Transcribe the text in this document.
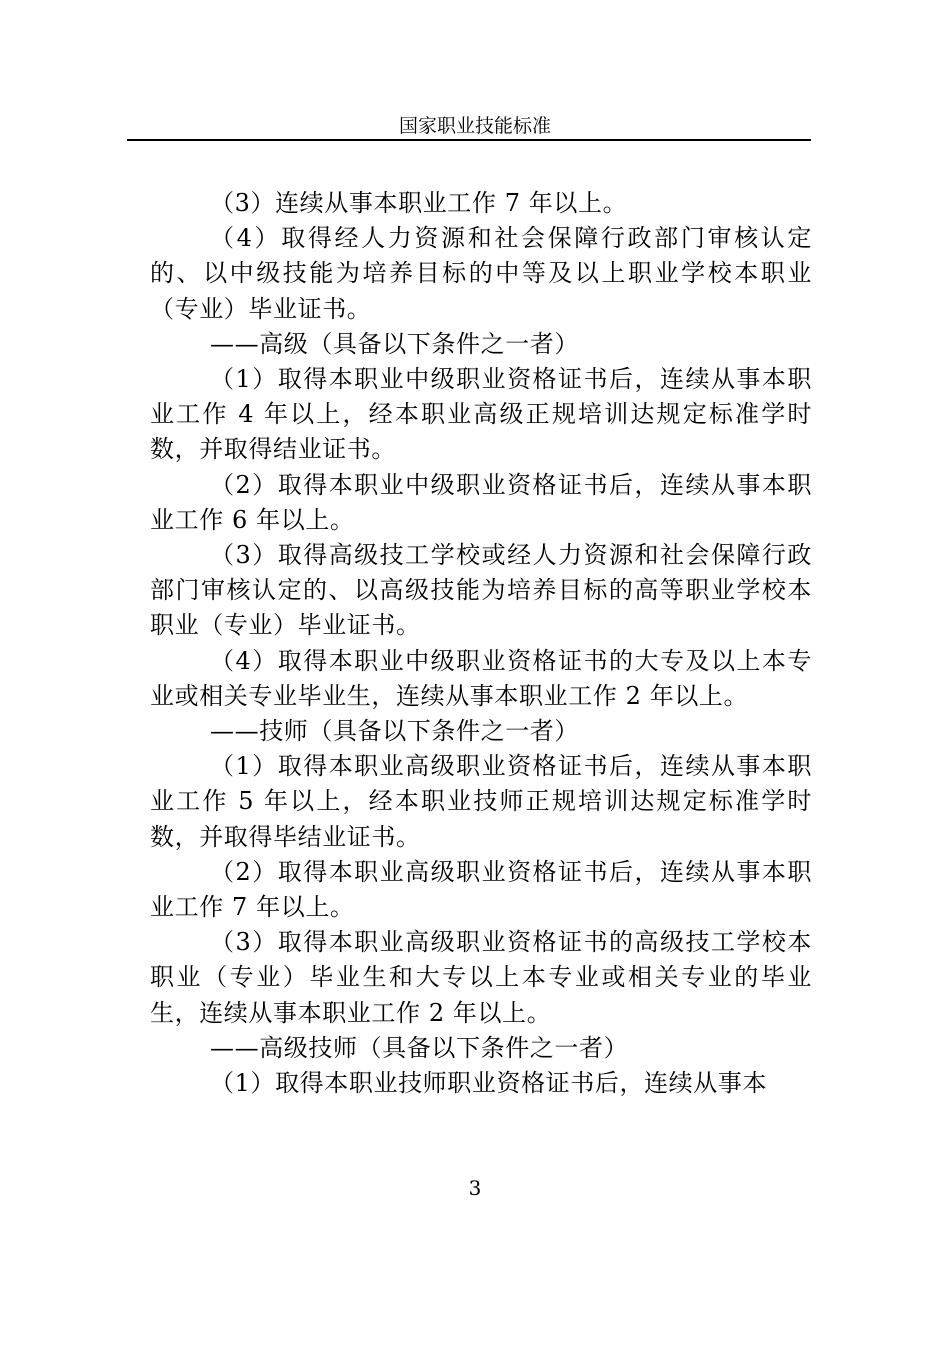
国家职业技能标准

（3）连续从事本职业工作 7 年以上。

（4）取得经人力资源和社会保障行政部门审核认定的、以中级技能为培养目标的中等及以上职业学校本职业（专业）毕业证书。

——高级（具备以下条件之一者）

（1）取得本职业中级职业资格证书后，连续从事本职业工作 4 年以上，经本职业高级正规培训达规定标准学时数，并取得结业证书。

（2）取得本职业中级职业资格证书后，连续从事本职业工作 6 年以上。

（3）取得高级技工学校或经人力资源和社会保障行政部门审核认定的、以高级技能为培养目标的高等职业学校本职业（专业）毕业证书。

（4）取得本职业中级职业资格证书的大专及以上本专业或相关专业毕业生，连续从事本职业工作 2 年以上。

——技师（具备以下条件之一者）

（1）取得本职业高级职业资格证书后，连续从事本职业工作 5 年以上，经本职业技师正规培训达规定标准学时数，并取得毕结业证书。

（2）取得本职业高级职业资格证书后，连续从事本职业工作 7 年以上。

（3）取得本职业高级职业资格证书的高级技工学校本职业（专业）毕业生和大专以上本专业或相关专业的毕业生，连续从事本职业工作 2 年以上。

——高级技师（具备以下条件之一者）

（1）取得本职业技师职业资格证书后，连续从事本

3
